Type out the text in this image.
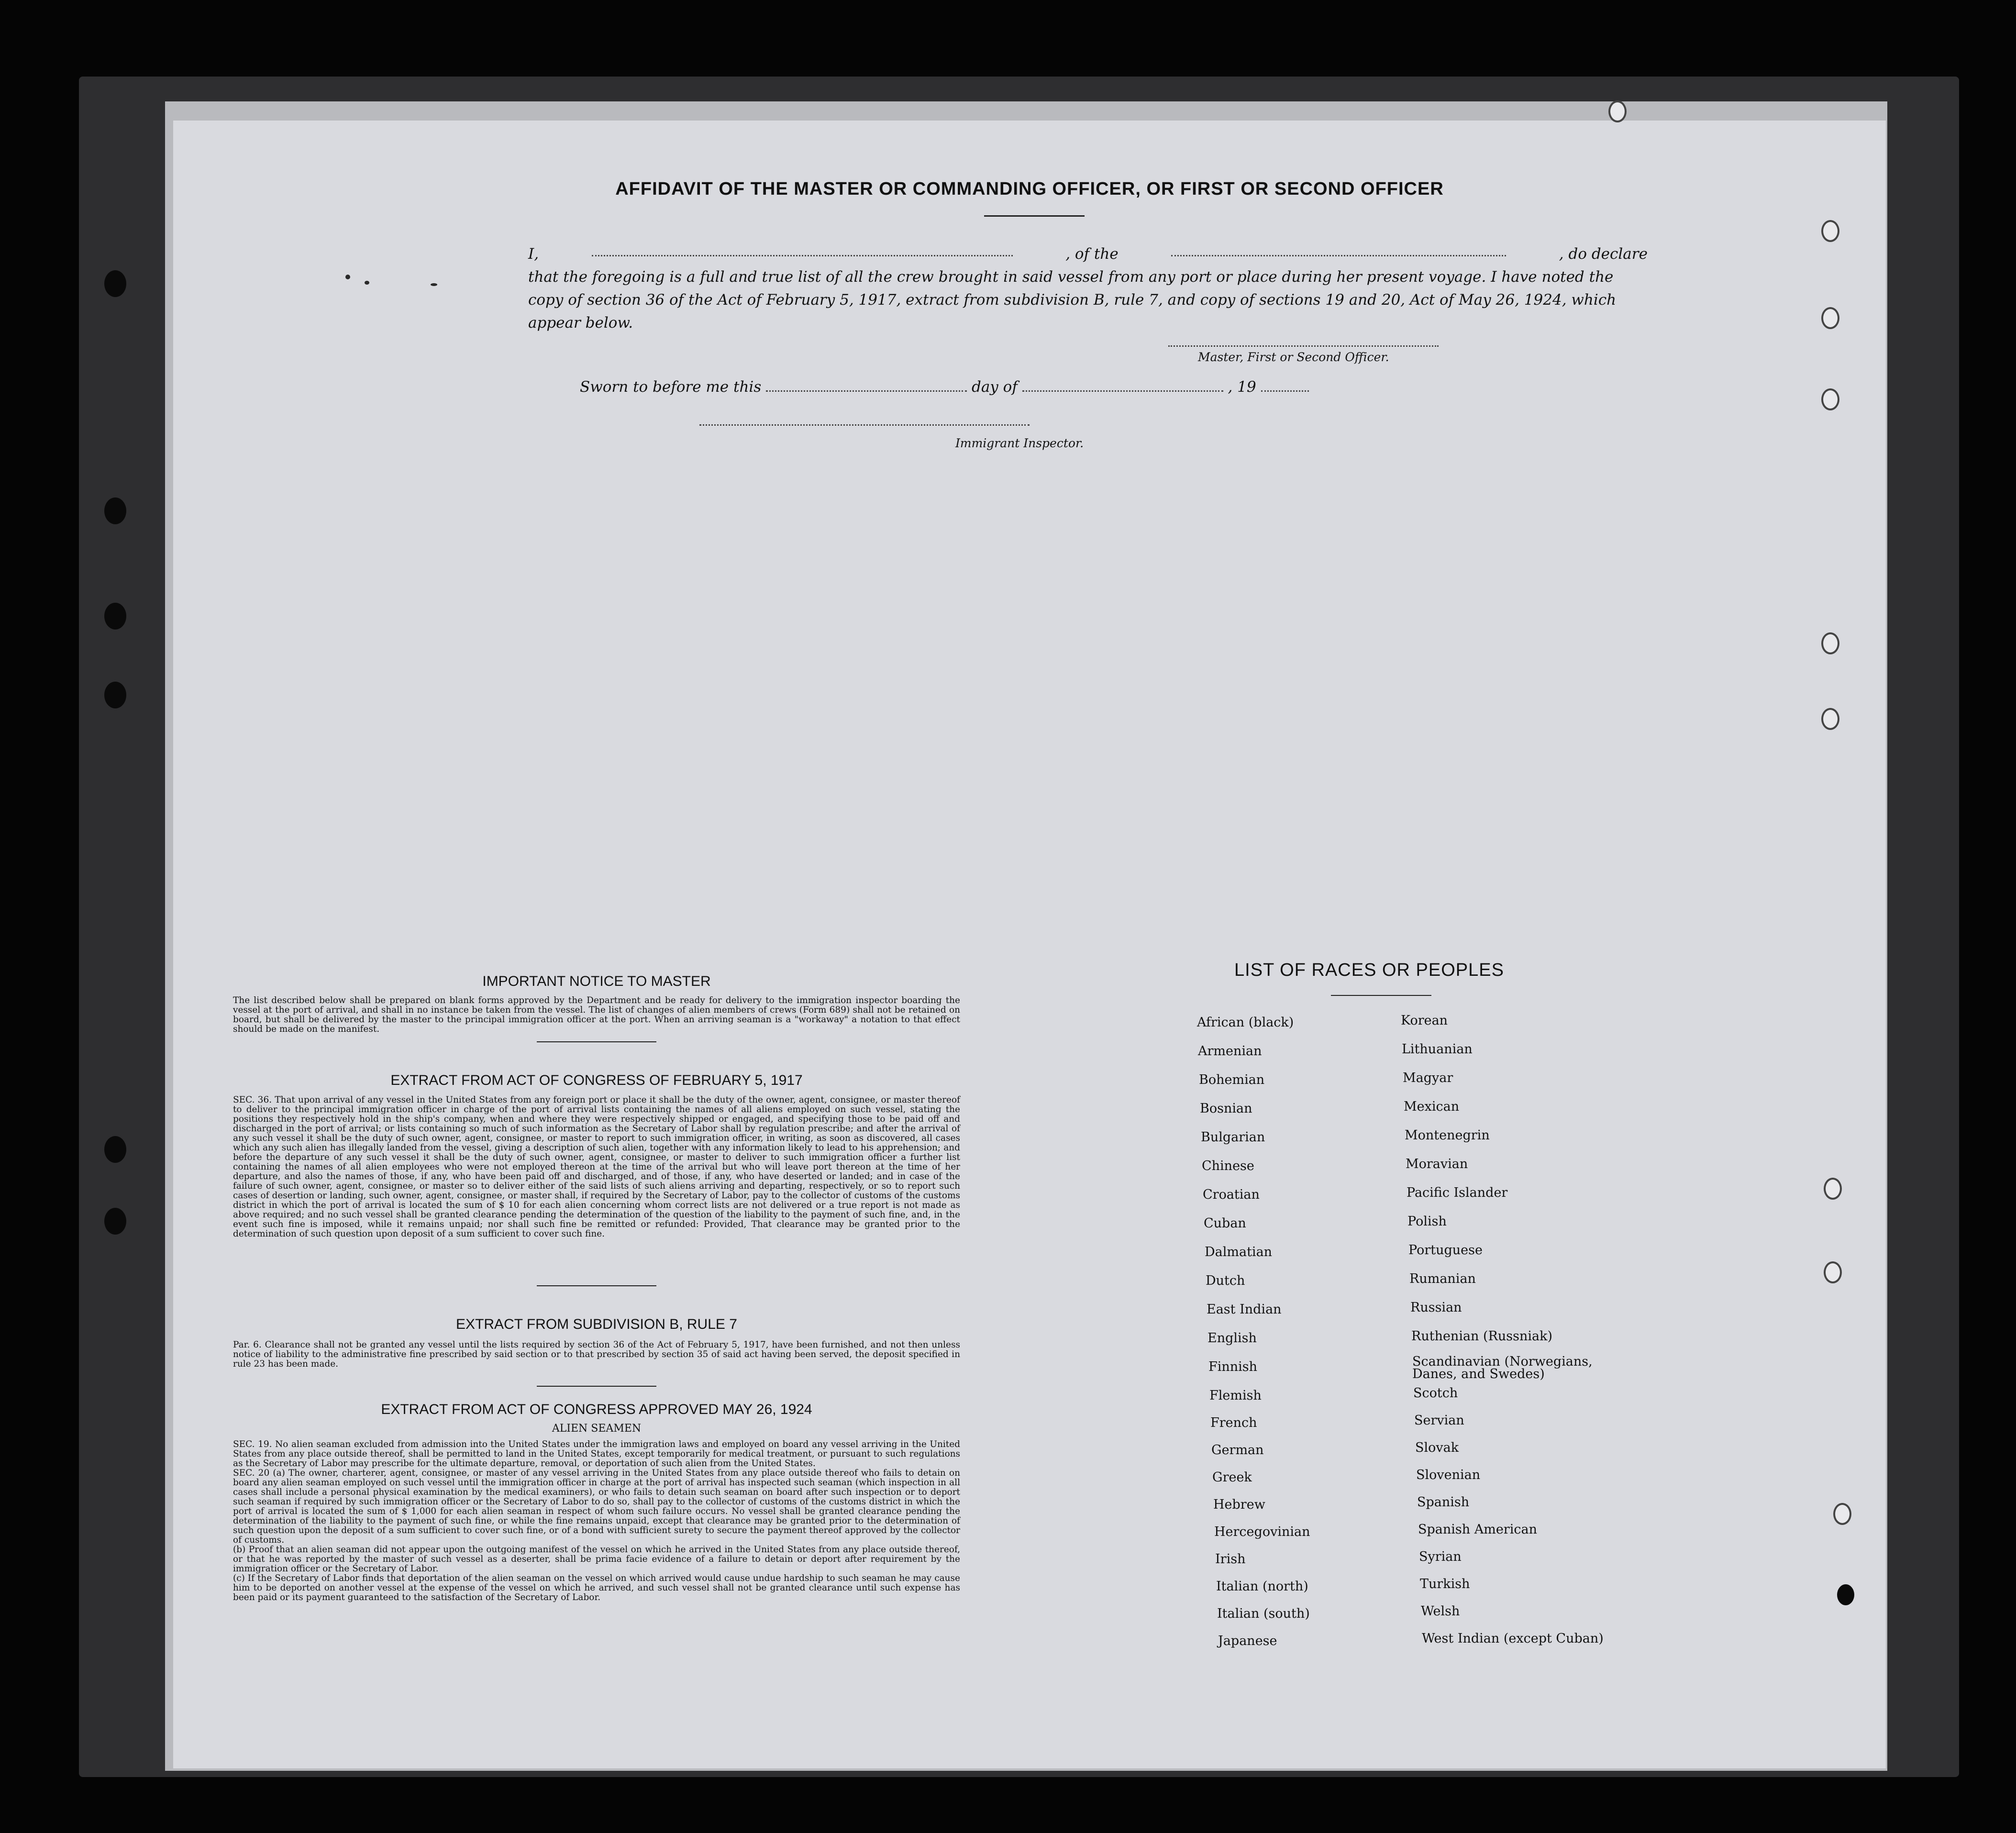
AFFIDAVIT OF THE MASTER OR COMMANDING OFFICER, OR FIRST OR SECOND OFFICER
I,	, of the	, do declare
that the foregoing is a full and true list of all the crew brought in said vessel from any port or place during her present voyage. I have noted the copy of section 36 of the Act of February 5, 1917, extract from subdivision B, rule 7, and copy of sections 19 and 20, Act of May 26, 1924, which appear below.
Master, First or Second Officer.
Sworn to before me this	day of	, 19
Immigrant Inspector.
IMPORTANT NOTICE TO MASTER
The list described below shall be prepared on blank forms approved by the Department and be ready for delivery to the immigration inspector boarding the vessel at the port of arrival, and shall in no instance be taken from the vessel. The list of changes of alien members of crews (Form 689) shall not be retained on board, but shall be delivered by the master to the principal immigration officer at the port. When an arriving seaman is a "workaway" a notation to that effect should be made on the manifest.
EXTRACT FROM ACT OF CONGRESS OF FEBRUARY 5, 1917
SEC. 36. That upon arrival of any vessel in the United States from any foreign port or place it shall be the duty of the owner, agent, consignee, or master thereof to deliver to the principal immigration officer in charge of the port of arrival lists containing the names of all aliens employed on such vessel, stating the positions they respectively hold in the ship's company, when and where they were respectively shipped or engaged, and specifying those to be paid off and discharged in the port of arrival; or lists containing so much of such information as the Secretary of Labor shall by regulation prescribe; and after the arrival of any such vessel it shall be the duty of such owner, agent, consignee, or master to report to such immigration officer, in writing, as soon as discovered, all cases which any such alien has illegally landed from the vessel, giving a description of such alien, together with any information likely to lead to his apprehension; and before the departure of any such vessel it shall be the duty of such owner, agent, consignee, or master to deliver to such immigration officer a further list containing the names of all alien employees who were not employed thereon at the time of the arrival but who will leave port thereon at the time of her departure, and also the names of those, if any, who have been paid off and discharged, and of those, if any, who have deserted or landed; and in case of the failure of such owner, agent, consignee, or master so to deliver either of the said lists of such aliens arriving and departing, respectively, or so to report such cases of desertion or landing, such owner, agent, consignee, or master shall, if required by the Secretary of Labor, pay to the collector of customs of the customs district in which the port of arrival is located the sum of $ 10 for each alien concerning whom correct lists are not delivered or a true report is not made as above required; and no such vessel shall be granted clearance pending the determination of the question of the liability to the payment of such fine, and, in the event such fine is imposed, while it remains unpaid; nor shall such fine be remitted or refunded: Provided, That clearance may be granted prior to the determination of such question upon deposit of a sum sufficient to cover such fine.
EXTRACT FROM SUBDIVISION B, RULE 7
Par. 6. Clearance shall not be granted any vessel until the lists required by section 36 of the Act of February 5, 1917, have been furnished, and not then unless notice of liability to the administrative fine prescribed by said section or to that prescribed by section 35 of said act having been served, the deposit specified in rule 23 has been made.
EXTRACT FROM ACT OF CONGRESS APPROVED MAY 26, 1924
ALIEN SEAMEN
SEC. 19. No alien seaman excluded from admission into the United States under the immigration laws and employed on board any vessel arriving in the United States from any place outside thereof, shall be permitted to land in the United States, except temporarily for medical treatment, or pursuant to such regulations as the Secretary of Labor may prescribe for the ultimate departure, removal, or deportation of such alien from the United States.
SEC. 20 (a) The owner, charterer, agent, consignee, or master of any vessel arriving in the United States from any place outside thereof who fails to detain on board any alien seaman employed on such vessel until the immigration officer in charge at the port of arrival has inspected such seaman (which inspection in all cases shall include a personal physical examination by the medical examiners), or who fails to detain such seaman on board after such inspection or to deport such seaman if required by such immigration officer or the Secretary of Labor to do so, shall pay to the collector of customs of the customs district in which the port of arrival is located the sum of $ 1,000 for each alien seaman in respect of whom such failure occurs. No vessel shall be granted clearance pending the determination of the liability to the payment of such fine, or while the fine remains unpaid, except that clearance may be granted prior to the determination of such question upon the deposit of a sum sufficient to cover such fine, or of a bond with sufficient surety to secure the payment thereof approved by the collector of customs.
(b) Proof that an alien seaman did not appear upon the outgoing manifest of the vessel on which he arrived in the United States from any place outside thereof, or that he was reported by the master of such vessel as a deserter, shall be prima facie evidence of a failure to detain or deport after requirement by the immigration officer or the Secretary of Labor.
(c) If the Secretary of Labor finds that deportation of the alien seaman on the vessel on which arrived would cause undue hardship to such seaman he may cause him to be deported on another vessel at the expense of the vessel on which he arrived, and such vessel shall not be granted clearance until such expense has been paid or its payment guaranteed to the satisfaction of the Secretary of Labor.
LIST OF RACES OR PEOPLES
African (black)
Armenian
Bohemian
Bosnian
Bulgarian
Chinese
Croatian
Cuban
Dalmatian
Dutch
East Indian
English
Finnish
Flemish
French
German
Greek
Hebrew
Hercegovinian
Irish
Italian (north)
Italian (south)
Japanese
Korean
Lithuanian
Magyar
Mexican
Montenegrin
Moravian
Pacific Islander
Polish
Portuguese
Rumanian
Russian
Ruthenian (Russniak)
Scandinavian (Norwegians, Danes, and Swedes)
Scotch
Servian
Slovak
Slovenian
Spanish
Spanish American
Syrian
Turkish
Welsh
West Indian (except Cuban)
